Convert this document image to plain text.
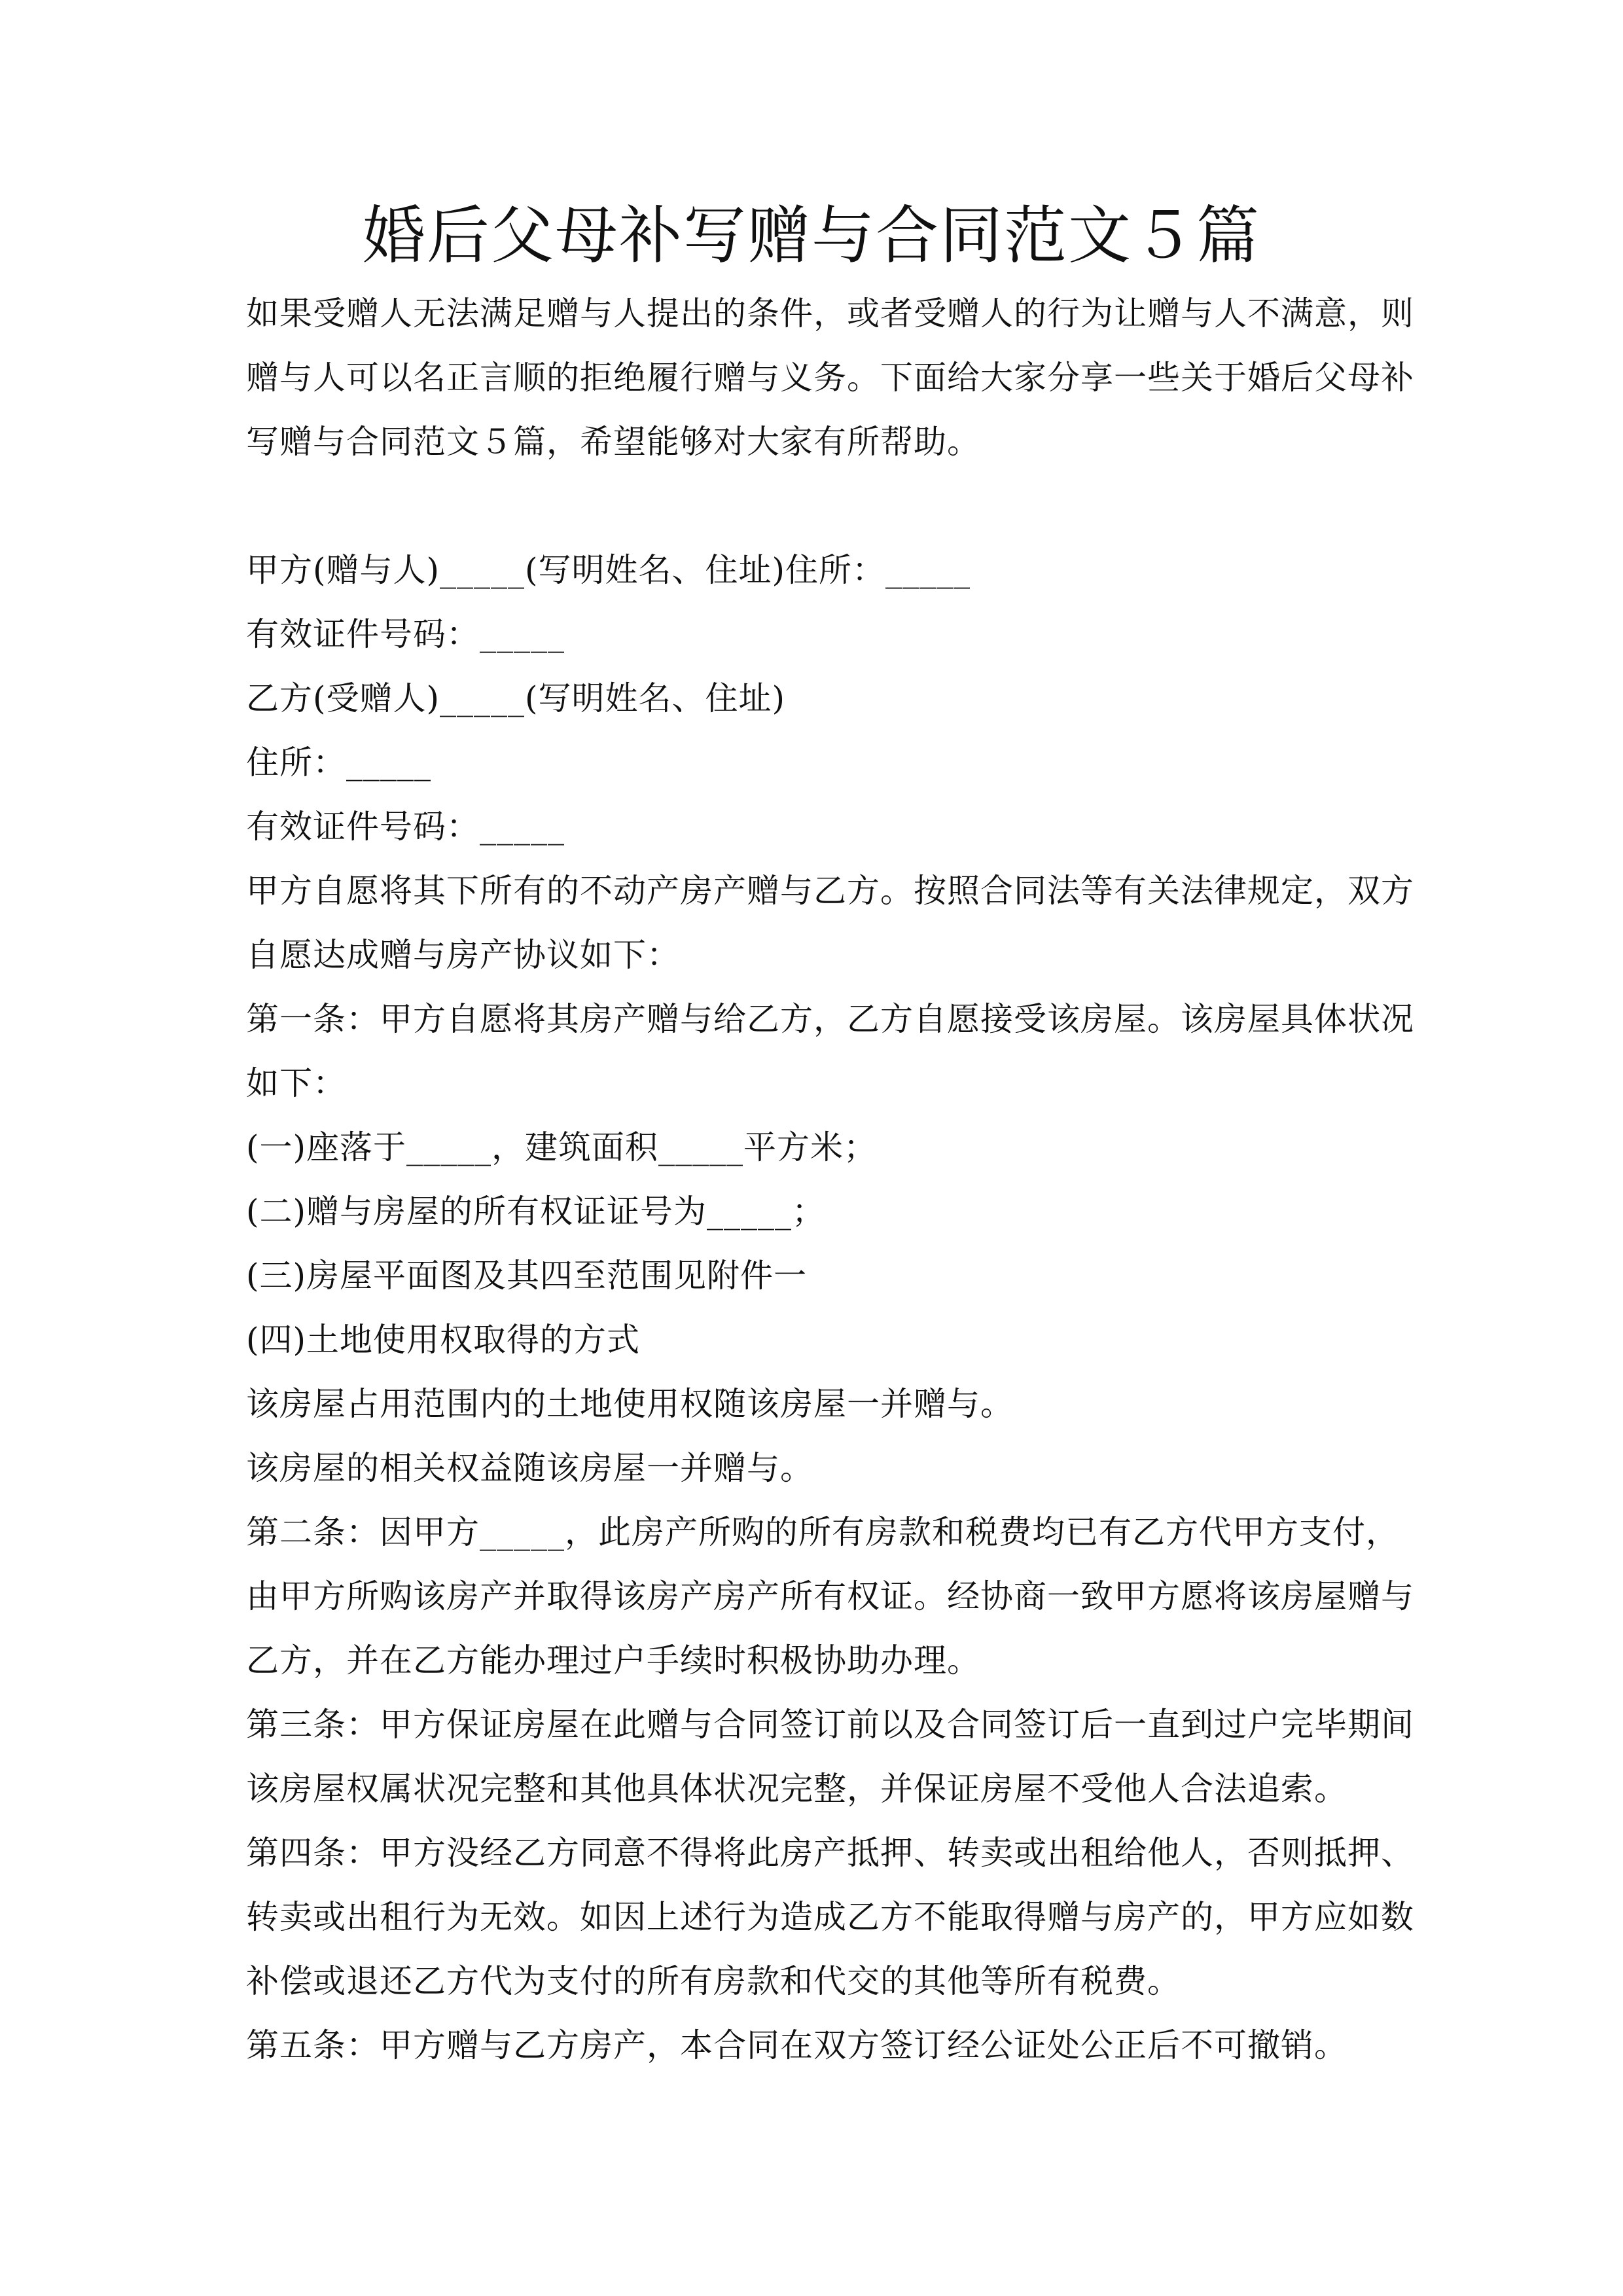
婚后父母补写赠与合同范文５篇
如果受赠人无法满足赠与人提出的条件，或者受赠人的行为让赠与人不满意，则
赠与人可以名正言顺的拒绝履行赠与义务。下面给大家分享一些关于婚后父母补
写赠与合同范文５篇，希望能够对大家有所帮助。
甲方(赠与人)_____(写明姓名、住址)住所：_____
有效证件号码：_____
乙方(受赠人)_____(写明姓名、住址)
住所：_____
有效证件号码：_____
甲方自愿将其下所有的不动产房产赠与乙方。按照合同法等有关法律规定，双方
自愿达成赠与房产协议如下：
第一条：甲方自愿将其房产赠与给乙方，乙方自愿接受该房屋。该房屋具体状况
如下：
(一)座落于_____，建筑面积_____平方米；
(二)赠与房屋的所有权证证号为_____；
(三)房屋平面图及其四至范围见附件一
(四)土地使用权取得的方式
该房屋占用范围内的土地使用权随该房屋一并赠与。
该房屋的相关权益随该房屋一并赠与。
第二条：因甲方_____，此房产所购的所有房款和税费均已有乙方代甲方支付，
由甲方所购该房产并取得该房产房产所有权证。经协商一致甲方愿将该房屋赠与
乙方，并在乙方能办理过户手续时积极协助办理。
第三条：甲方保证房屋在此赠与合同签订前以及合同签订后一直到过户完毕期间
该房屋权属状况完整和其他具体状况完整，并保证房屋不受他人合法追索。
第四条：甲方没经乙方同意不得将此房产抵押、转卖或出租给他人，否则抵押、
转卖或出租行为无效。如因上述行为造成乙方不能取得赠与房产的，甲方应如数
补偿或退还乙方代为支付的所有房款和代交的其他等所有税费。
第五条：甲方赠与乙方房产，本合同在双方签订经公证处公正后不可撤销。
